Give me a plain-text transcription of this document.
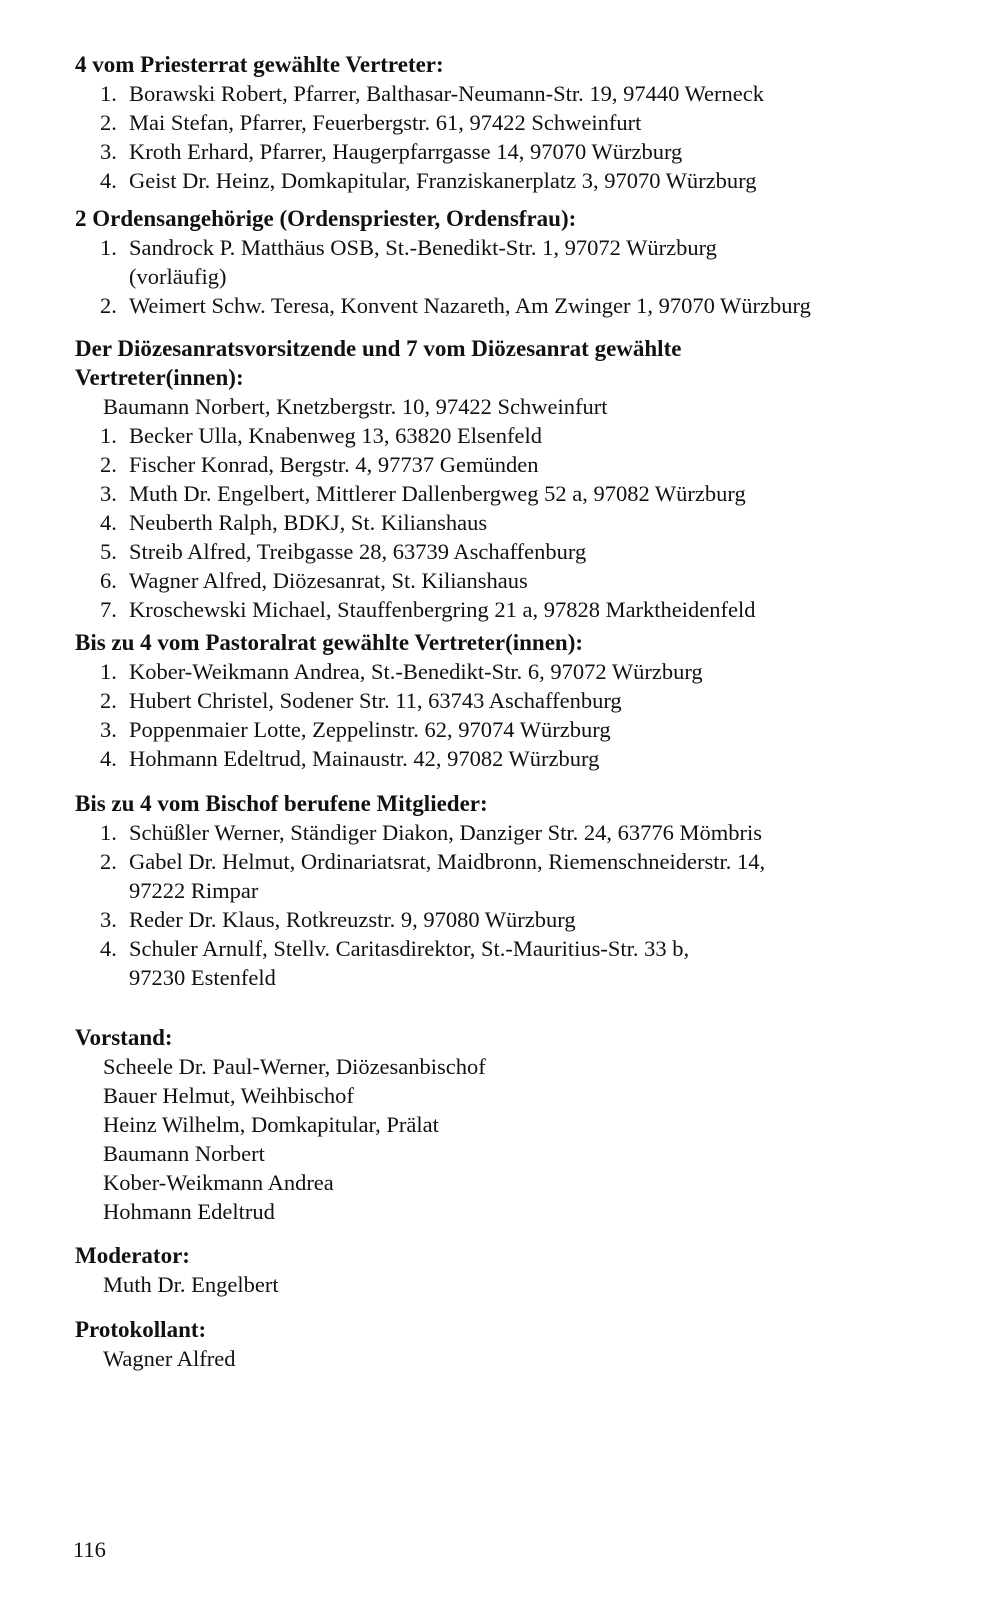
4 vom Priesterrat gewählte Vertreter:
1. Borawski Robert, Pfarrer, Balthasar-Neumann-Str. 19, 97440 Werneck
2. Mai Stefan, Pfarrer, Feuerbergstr. 61, 97422 Schweinfurt
3. Kroth Erhard, Pfarrer, Haugerpfarrgasse 14, 97070 Würzburg
4. Geist Dr. Heinz, Domkapitular, Franziskanerplatz 3, 97070 Würzburg
2 Ordensangehörige (Ordenspriester, Ordensfrau):
1. Sandrock P. Matthäus OSB, St.-Benedikt-Str. 1, 97072 Würzburg
(vorläufig)
2. Weimert Schw. Teresa, Konvent Nazareth, Am Zwinger 1, 97070 Würzburg
Der Diözesanratsvorsitzende und 7 vom Diözesanrat gewählte
Vertreter(innen):
Baumann Norbert, Knetzbergstr. 10, 97422 Schweinfurt
1. Becker Ulla, Knabenweg 13, 63820 Elsenfeld
2. Fischer Konrad, Bergstr. 4, 97737 Gemünden
3. Muth Dr. Engelbert, Mittlerer Dallenbergweg 52 a, 97082 Würzburg
4. Neuberth Ralph, BDKJ, St. Kilianshaus
5. Streib Alfred, Treibgasse 28, 63739 Aschaffenburg
6. Wagner Alfred, Diözesanrat, St. Kilianshaus
7. Kroschewski Michael, Stauffenbergring 21 a, 97828 Marktheidenfeld
Bis zu 4 vom Pastoralrat gewählte Vertreter(innen):
1. Kober-Weikmann Andrea, St.-Benedikt-Str. 6, 97072 Würzburg
2. Hubert Christel, Sodener Str. 11, 63743 Aschaffenburg
3. Poppenmaier Lotte, Zeppelinstr. 62, 97074 Würzburg
4. Hohmann Edeltrud, Mainaustr. 42, 97082 Würzburg
Bis zu 4 vom Bischof berufene Mitglieder:
1. Schüßler Werner, Ständiger Diakon, Danziger Str. 24, 63776 Mömbris
2. Gabel Dr. Helmut, Ordinariatsrat, Maidbronn, Riemenschneiderstr. 14,
97222 Rimpar
3. Reder Dr. Klaus, Rotkreuzstr. 9, 97080 Würzburg
4. Schuler Arnulf, Stellv. Caritasdirektor, St.-Mauritius-Str. 33 b,
97230 Estenfeld
Vorstand:
Scheele Dr. Paul-Werner, Diözesanbischof
Bauer Helmut, Weihbischof
Heinz Wilhelm, Domkapitular, Prälat
Baumann Norbert
Kober-Weikmann Andrea
Hohmann Edeltrud
Moderator:
Muth Dr. Engelbert
Protokollant:
Wagner Alfred
116
